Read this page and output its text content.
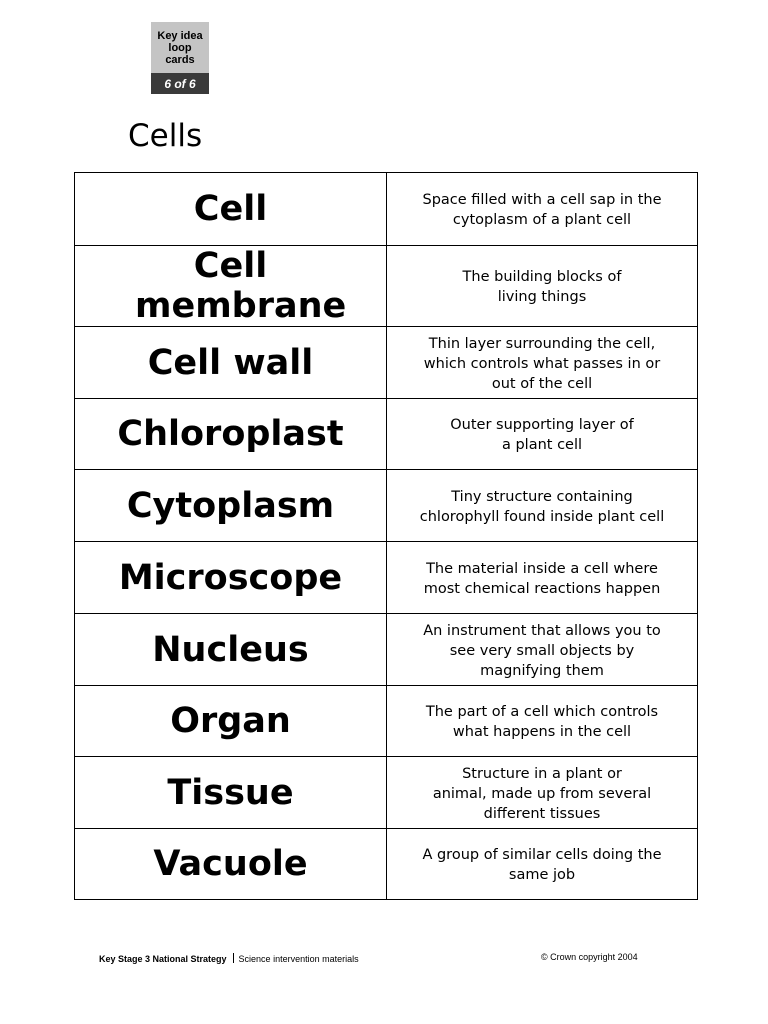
Key idea
loop
cards
6 of 6
Cells
Cell	Space filled with a cell sap in the
cytoplasm of a plant cell

Cell membrane	The building blocks of
living things
Cell wall	Thin layer surrounding the cell,
which controls what passes in or
out of the cell
Chloroplast	Outer supporting layer of
a plant cell
Cytoplasm	Tiny structure containing
chlorophyll found inside plant cell
Microscope	The material inside a cell where
most chemical reactions happen
Nucleus	An instrument that allows you to
see very small objects by
magnifying them
Organ	The part of a cell which controls
what happens in the cell
Tissue	Structure in a plant or
animal, made up from several
different tissues
Vacuole	A group of similar cells doing the
same job
Key Stage 3 National Strategy Science intervention materials	© Crown copyright 2004
